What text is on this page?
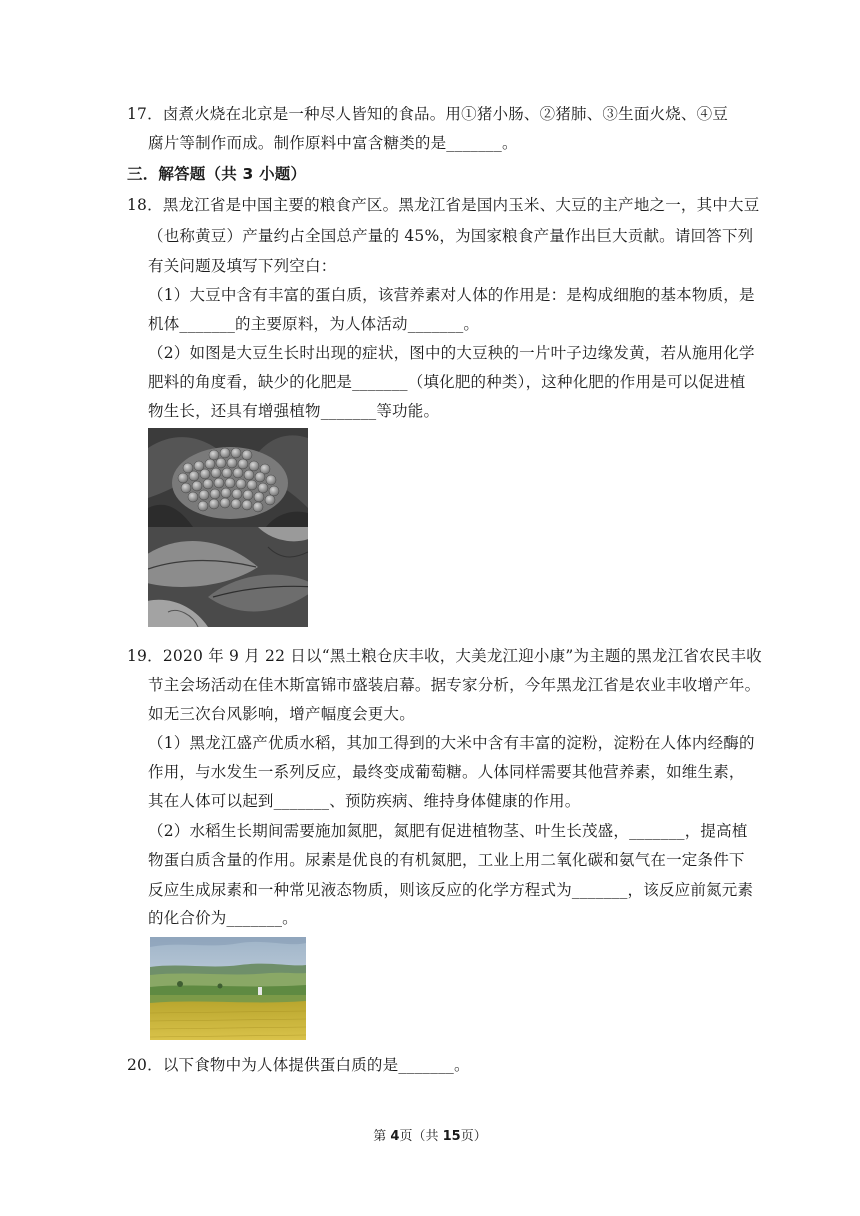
17．卤煮火烧在北京是一种尽人皆知的食品。用①猪小肠、②猪肺、③生面火烧、④豆
腐片等制作而成。制作原料中富含糖类的是_______。
三．解答题（共 3 小题）
18．黑龙江省是中国主要的粮食产区。黑龙江省是国内玉米、大豆的主产地之一，其中大豆
（也称黄豆）产量约占全国总产量的 45%，为国家粮食产量作出巨大贡献。请回答下列
有关问题及填写下列空白：
（1）大豆中含有丰富的蛋白质，该营养素对人体的作用是：是构成细胞的基本物质，是
机体_______的主要原料，为人体活动_______。
（2）如图是大豆生长时出现的症状，图中的大豆秧的一片叶子边缘发黄，若从施用化学
肥料的角度看，缺少的化肥是_______（填化肥的种类），这种化肥的作用是可以促进植
物生长，还具有增强植物_______等功能。
19．2020 年 9 月 22 日以“黑土粮仓庆丰收，大美龙江迎小康”为主题的黑龙江省农民丰收
节主会场活动在佳木斯富锦市盛装启幕。据专家分析，今年黑龙江省是农业丰收增产年。
如无三次台风影响，增产幅度会更大。
（1）黑龙江盛产优质水稻，其加工得到的大米中含有丰富的淀粉，淀粉在人体内经酶的
作用，与水发生一系列反应，最终变成葡萄糖。人体同样需要其他营养素，如维生素，
其在人体可以起到_______、预防疾病、维持身体健康的作用。
（2）水稻生长期间需要施加氮肥，氮肥有促进植物茎、叶生长茂盛，_______，提高植
物蛋白质含量的作用。尿素是优良的有机氮肥，工业上用二氧化碳和氨气在一定条件下
反应生成尿素和一种常见液态物质，则该反应的化学方程式为_______，该反应前氮元素
的化合价为_______。
20．以下食物中为人体提供蛋白质的是_______。
第 4页（共 15页）
